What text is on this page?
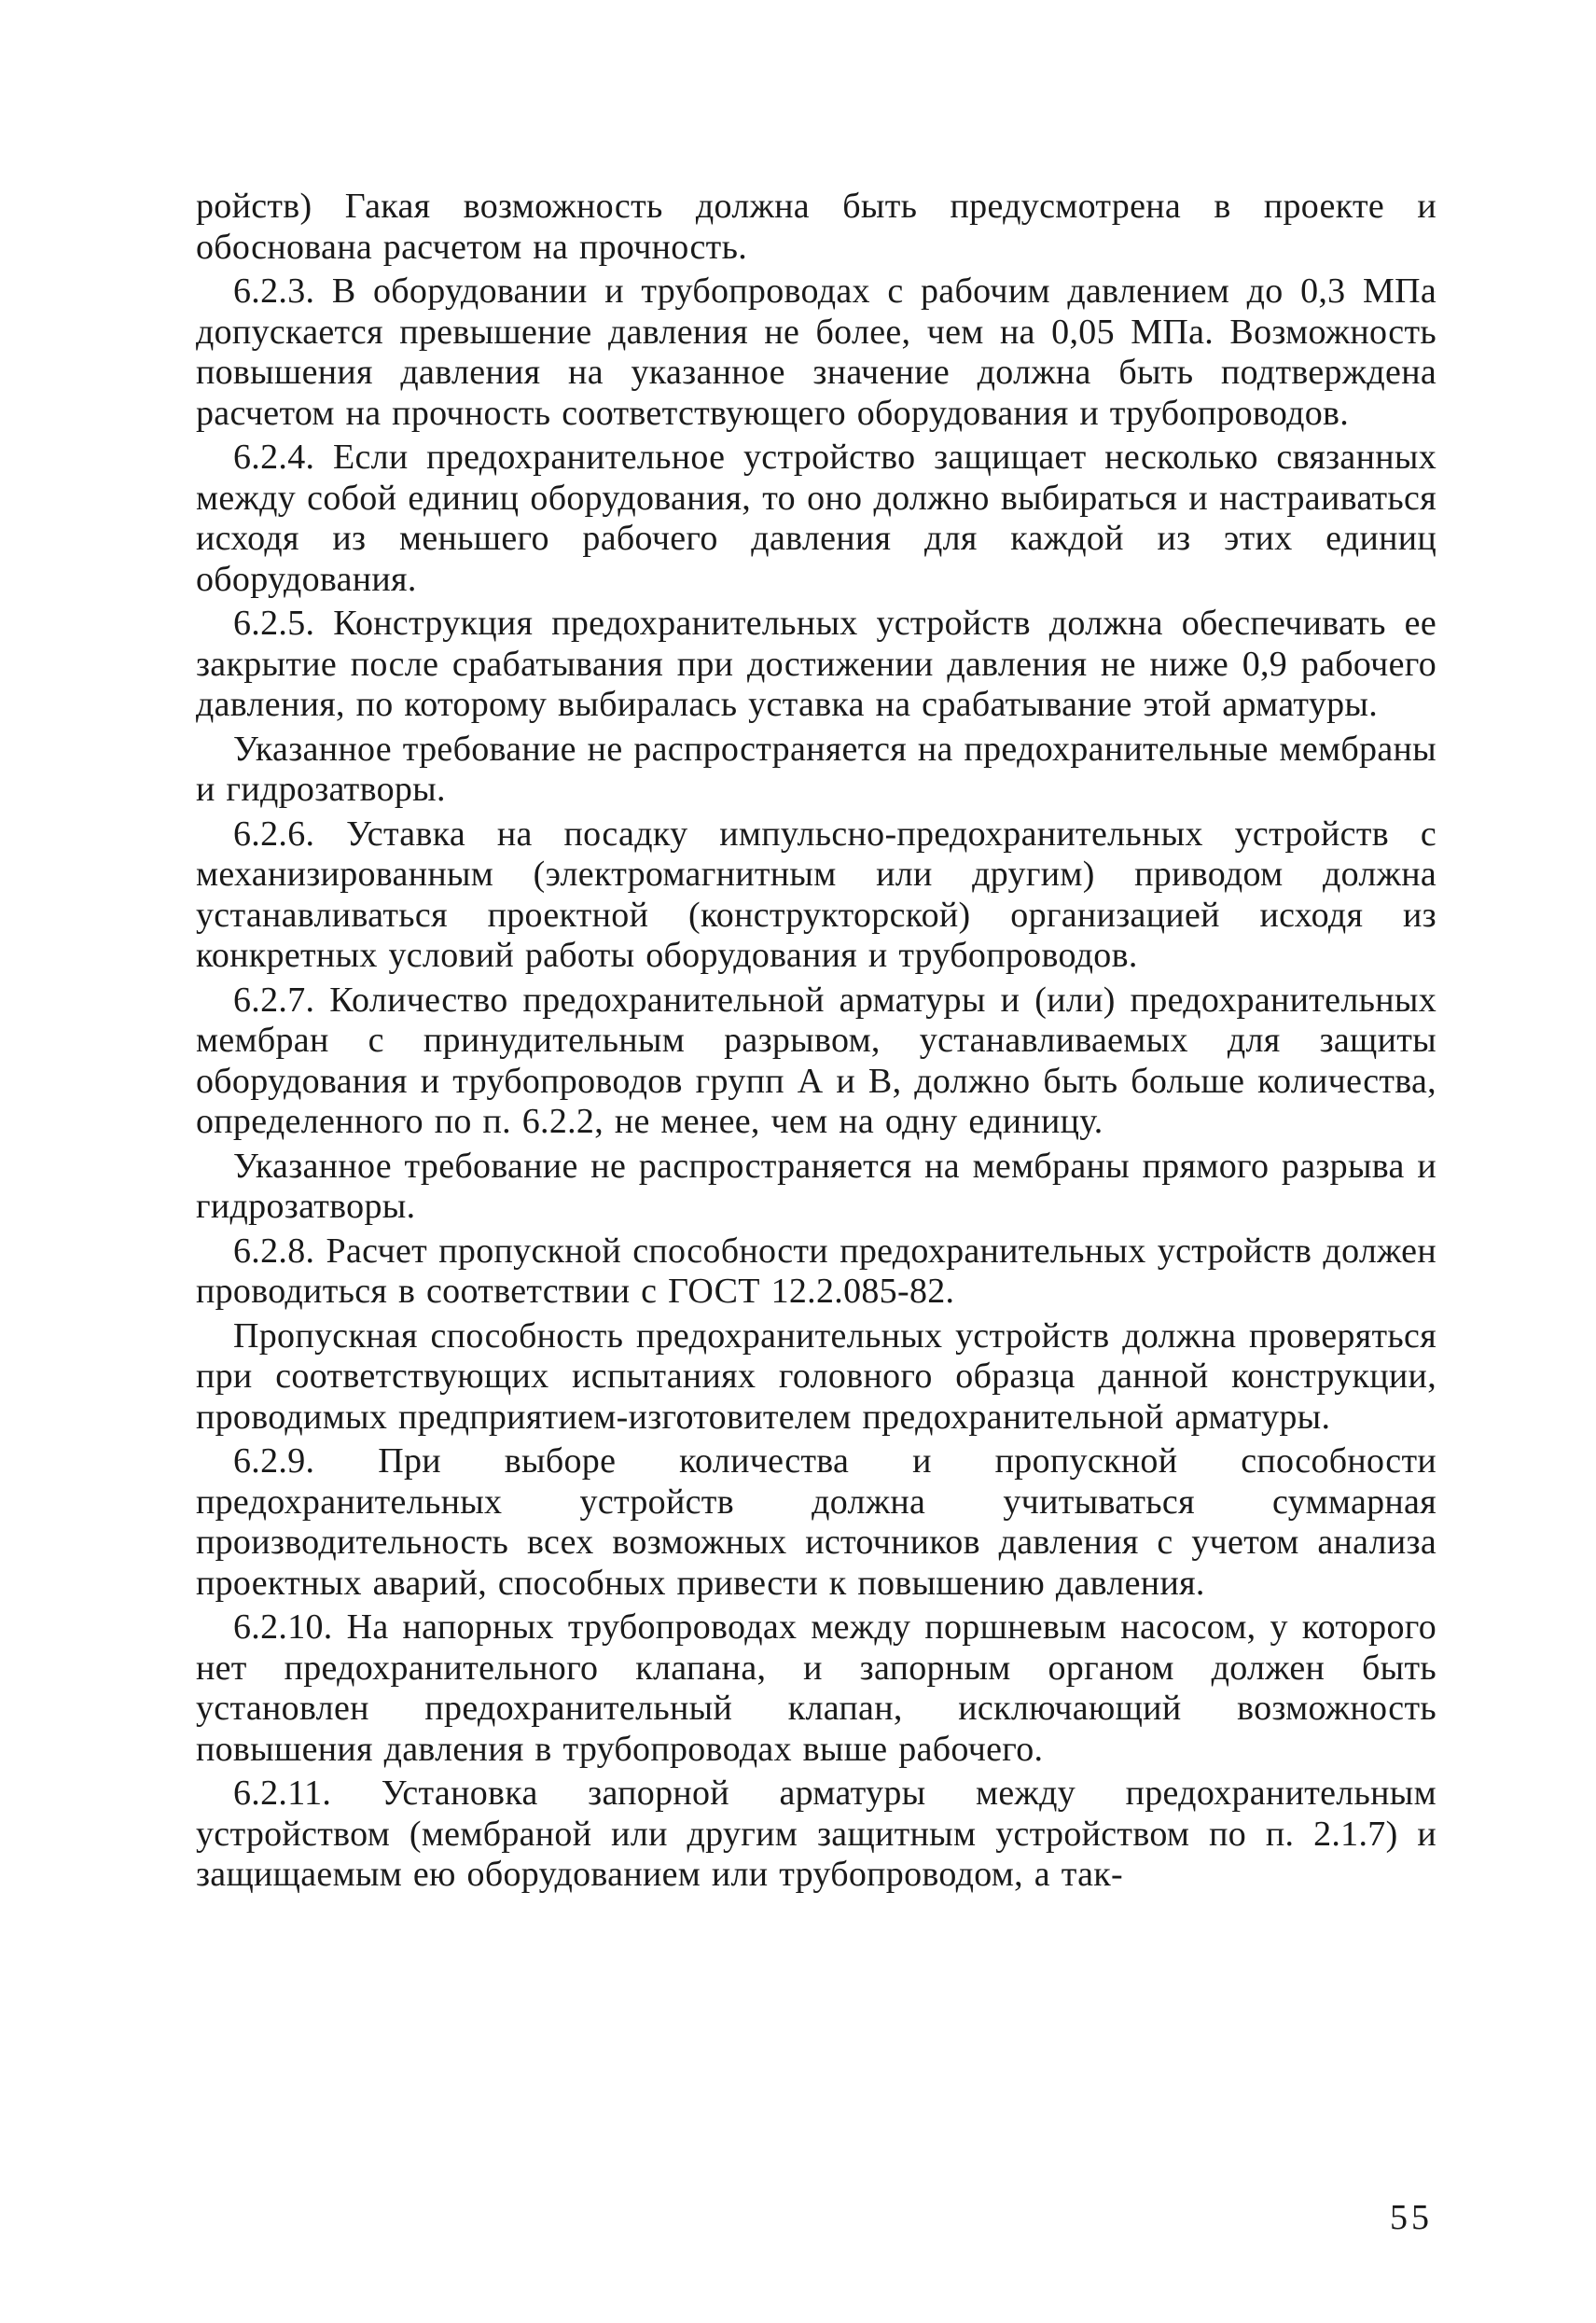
ройств) Гакая возможность должна быть предусмотрена в проекте и обоснована расчетом на прочность.

6.2.3. В оборудовании и трубопроводах с рабочим давлением до 0,3 МПа допускается превышение давления не более, чем на 0,05 МПа. Возможность повышения давления на указанное значение должна быть подтверждена расчетом на прочность соответствующего оборудования и трубопроводов.

6.2.4. Если предохранительное устройство защищает несколько связанных между собой единиц оборудования, то оно должно выбираться и настраиваться исходя из меньшего рабочего давления для каждой из этих единиц оборудования.

6.2.5. Конструкция предохранительных устройств должна обеспечивать ее закрытие после срабатывания при достижении давления не ниже 0,9 рабочего давления, по которому выбиралась уставка на срабатывание этой арматуры.

Указанное требование не распространяется на предохранительные мембраны и гидрозатворы.

6.2.6. Уставка на посадку импульсно-предохранительных устройств с механизированным (электромагнитным или другим) приводом должна устанавливаться проектной (конструкторской) организацией исходя из конкретных условий работы оборудования и трубопроводов.

6.2.7. Количество предохранительной арматуры и (или) предохранительных мембран с принудительным разрывом, устанавливаемых для защиты оборудования и трубопроводов групп А и В, должно быть больше количества, определенного по п. 6.2.2, не менее, чем на одну единицу.

Указанное требование не распространяется на мембраны прямого разрыва и гидрозатворы.

6.2.8. Расчет пропускной способности предохранительных устройств должен проводиться в соответствии с ГОСТ 12.2.085-82.

Пропускная способность предохранительных устройств должна проверяться при соответствующих испытаниях головного образца данной конструкции, проводимых предприятием-изготовителем предохранительной арматуры.

6.2.9. При выборе количества и пропускной способности предохранительных устройств должна учитываться суммарная производительность всех возможных источников давления с учетом анализа проектных аварий, способных привести к повышению давления.

6.2.10. На напорных трубопроводах между поршневым насосом, у которого нет предохранительного клапана, и запорным органом должен быть установлен предохранительный клапан, исключающий возможность повышения давления в трубопроводах выше рабочего.

6.2.11. Установка запорной арматуры между предохранительным устройством (мембраной или другим защитным устройством по п. 2.1.7) и защищаемым ею оборудованием или трубопроводом, а так-

55
